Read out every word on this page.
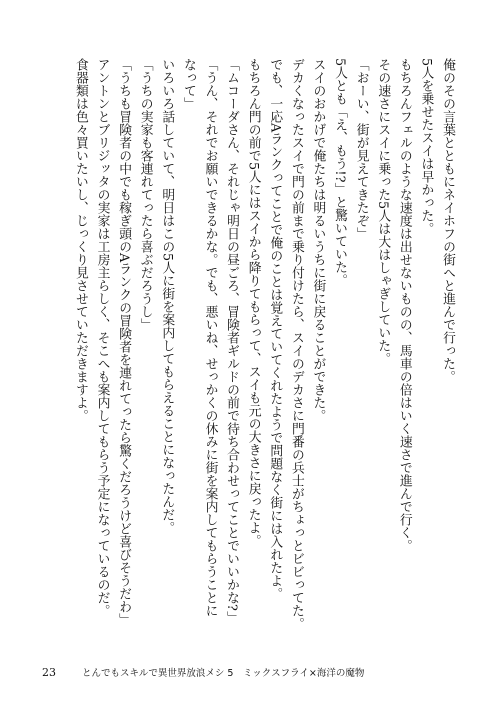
俺のその言葉とともにネイホフの街へと進んで行った。
5人を乗せたスイは早かった。
もちろんフェルのような速度は出せないものの、馬車の倍はいく速さで進んで行く。
その速さにスイに乗った5人は大はしゃぎしていた。
「おーい、街が見えてきたぞ」
5人とも「え、もう!?」と驚いていた。
スイのおかげで俺たちは明るいうちに街に戻ることができた。
デカくなったスイで門の前まで乗り付けたら、スイのデカさに門番の兵士がちょっとビビってた。
でも、一応Aランクってことで俺のことは覚えていてくれたようで問題なく街には入れたよ。
もちろん門の前で5人にはスイから降りてもらって、スイも元の大きさに戻ったよ。
「ムコーダさん、それじゃ明日の昼ごろ、冒険者ギルドの前で待ち合わせってことでいいかな?」
「うん、それでお願いできるかな。でも、悪いね、せっかくの休みに街を案内してもらうことに
なって」
いろいろ話していて、明日はこの5人に街を案内してもらえることになったんだ。
「うちの実家も客連れてったら喜ぶだろうし」
「うちも冒険者の中でも稼ぎ頭のAランクの冒険者を連れてったら驚くだろうけど喜びそうだわ」
アントンとブリジッタの実家は工房主らしく、そこへも案内してもらう予定になっているのだ。
食器類は色々買いたいし、じっくり見させていただきますよ。
23	とんでもスキルで異世界放浪メシ 5　ミックスフライ×海洋の魔物
